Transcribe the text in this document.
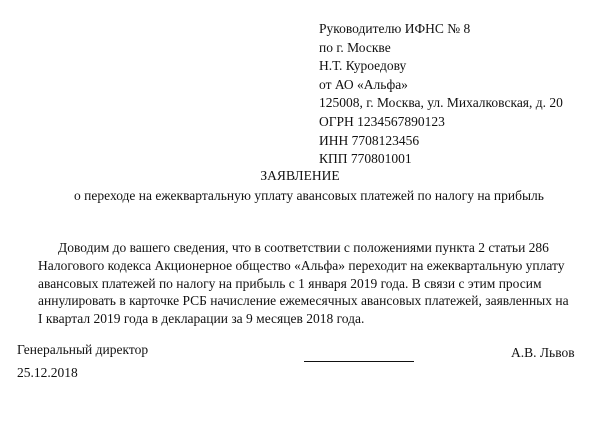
Руководителю ИФНС № 8
по г. Москве
Н.Т. Куроедову
от АО «Альфа»
125008, г. Москва, ул. Михалковская, д. 20
ОГРН 1234567890123
ИНН 7708123456
КПП 770801001
ЗАЯВЛЕНИЕ
о переходе на ежеквартальную уплату авансовых платежей по налогу на прибыль
Доводим до вашего сведения, что в соответствии с положениями пункта 2 статьи 286
Налогового кодекса Акционерное общество «Альфа» переходит на ежеквартальную уплату
авансовых платежей по налогу на прибыль с 1 января 2019 года. В связи с этим просим
аннулировать в карточке РСБ начисление ежемесячных авансовых платежей, заявленных на
I квартал 2019 года в декларации за 9 месяцев 2018 года.
Генеральный директор
25.12.2018
А.В. Львов
